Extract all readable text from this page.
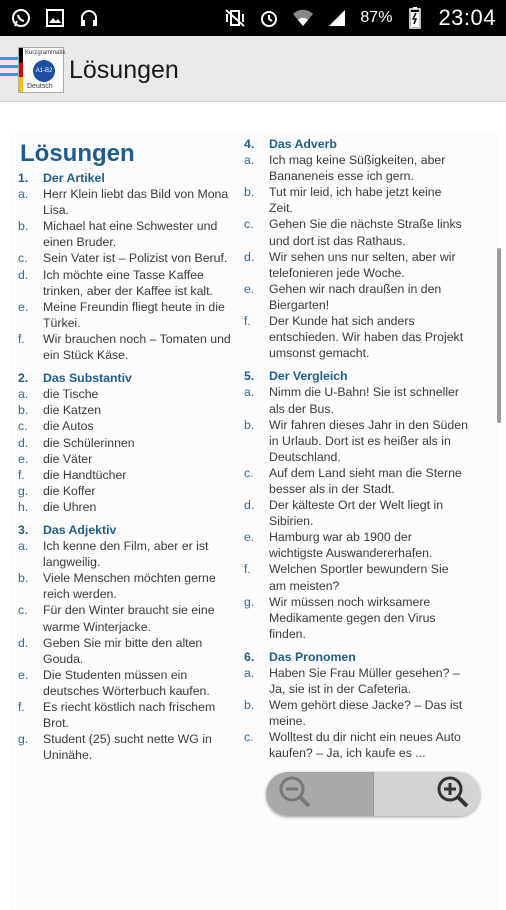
87% 23:04
Kurzgrammatik
A1-B2
Deutsch
Lösungen
Lösungen
1.	Der Artikel
a.	Herr Klein liebt das Bild von Mona Lisa.
b.	Michael hat eine Schwester und einen Bruder.
c.	Sein Vater ist – Polizist von Beruf.
d.	Ich möchte eine Tasse Kaffee trinken, aber der Kaffee ist kalt.
e.	Meine Freundin fliegt heute in die Türkei.
f.	Wir brauchen noch – Tomaten und ein Stück Käse.
2.	Das Substantiv
a.	die Tische
b.	die Katzen
c.	die Autos
d.	die Schülerinnen
e.	die Väter
f.	die Handtücher
g.	die Koffer
h.	die Uhren
3.	Das Adjektiv
a.	Ich kenne den Film, aber er ist langweilig.
b.	Viele Menschen möchten gerne reich werden.
c.	Für den Winter braucht sie eine warme Winterjacke.
d.	Geben Sie mir bitte den alten Gouda.
e.	Die Studenten müssen ein deutsches Wörterbuch kaufen.
f.	Es riecht köstlich nach frischem Brot.
g.	Student (25) sucht nette WG in Uninähe.
4.	Das Adverb
a.	Ich mag keine Süßigkeiten, aber Bananeneis esse ich gern.
b.	Tut mir leid, ich habe jetzt keine Zeit.
c.	Gehen Sie die nächste Straße links und dort ist das Rathaus.
d.	Wir sehen uns nur selten, aber wir telefonieren jede Woche.
e.	Gehen wir nach draußen in den Biergarten!
f.	Der Kunde hat sich anders entschieden. Wir haben das Projekt umsonst gemacht.
5.	Der Vergleich
a.	Nimm die U-Bahn! Sie ist schneller als der Bus.
b.	Wir fahren dieses Jahr in den Süden in Urlaub. Dort ist es heißer als in Deutschland.
c.	Auf dem Land sieht man die Sterne besser als in der Stadt.
d.	Der kälteste Ort der Welt liegt in Sibirien.
e.	Hamburg war ab 1900 der wichtigste Auswandererhafen.
f.	Welchen Sportler bewundern Sie am meisten?
g.	Wir müssen noch wirksamere Medikamente gegen den Virus finden.
6.	Das Pronomen
a.	Haben Sie Frau Müller gesehen? – Ja, sie ist in der Cafeteria.
b.	Wem gehört diese Jacke? – Das ist meine.
c.	Wolltest du dir nicht ein neues Auto kaufen? – Ja, ich kaufe es ...
